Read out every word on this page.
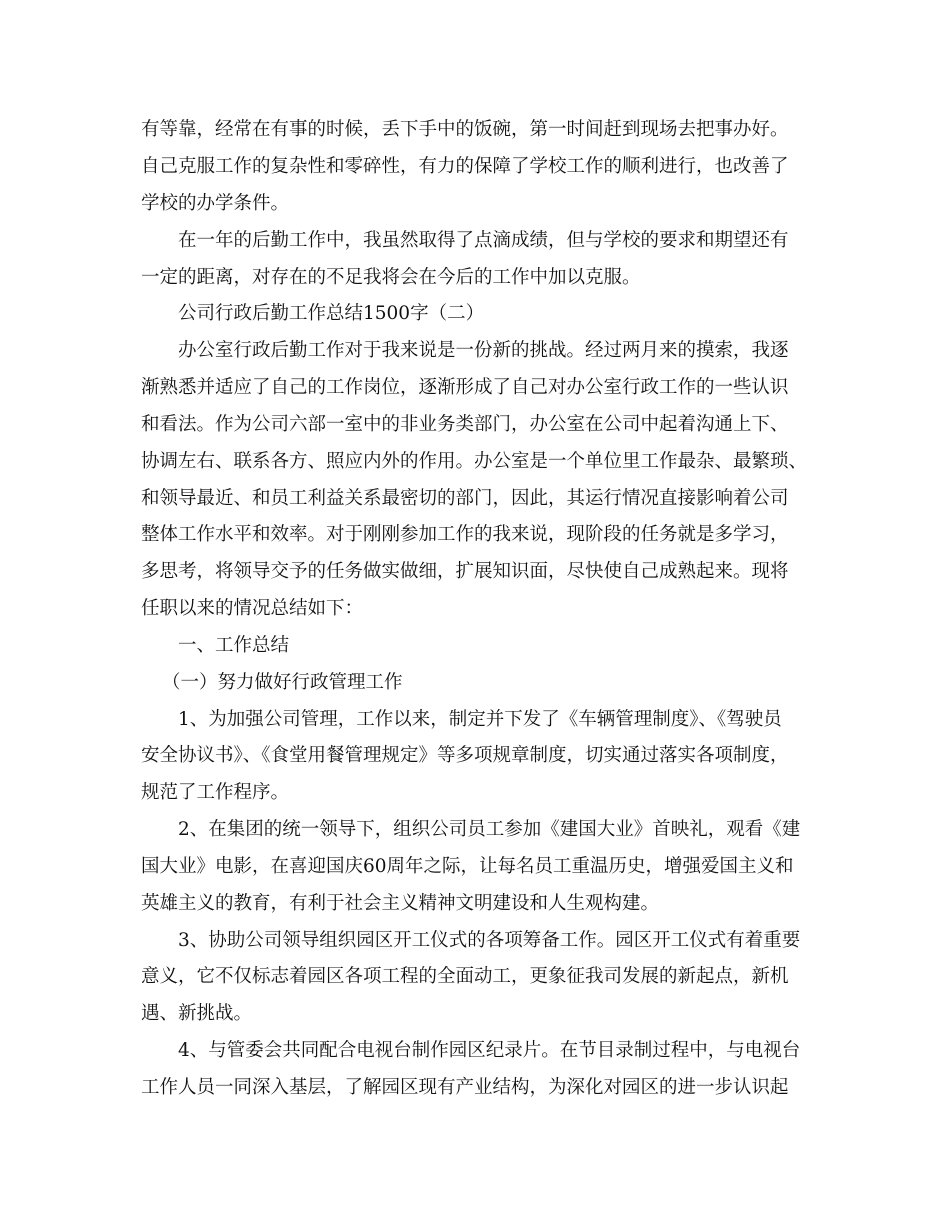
有等靠，经常在有事的时候，丢下手中的饭碗，第一时间赶到现场去把事办好。
自己克服工作的复杂性和零碎性，有力的保障了学校工作的顺利进行，也改善了
学校的办学条件。
在一年的后勤工作中，我虽然取得了点滴成绩，但与学校的要求和期望还有
一定的距离，对存在的不足我将会在今后的工作中加以克服。
公司行政后勤工作总结1500字（二）
办公室行政后勤工作对于我来说是一份新的挑战。经过两月来的摸索，我逐
渐熟悉并适应了自己的工作岗位，逐渐形成了自己对办公室行政工作的一些认识
和看法。作为公司六部一室中的非业务类部门，办公室在公司中起着沟通上下、
协调左右、联系各方、照应内外的作用。办公室是一个单位里工作最杂、最繁琐、
和领导最近、和员工利益关系最密切的部门，因此，其运行情况直接影响着公司
整体工作水平和效率。对于刚刚参加工作的我来说，现阶段的任务就是多学习，
多思考，将领导交予的任务做实做细，扩展知识面，尽快使自己成熟起来。现将
任职以来的情况总结如下：
一、工作总结
（一）努力做好行政管理工作
1、为加强公司管理，工作以来，制定并下发了《车辆管理制度》、《驾驶员
安全协议书》、《食堂用餐管理规定》等多项规章制度，切实通过落实各项制度，
规范了工作程序。
2、在集团的统一领导下，组织公司员工参加《建国大业》首映礼，观看《建
国大业》电影，在喜迎国庆60周年之际，让每名员工重温历史，增强爱国主义和
英雄主义的教育，有利于社会主义精神文明建设和人生观构建。
3、协助公司领导组织园区开工仪式的各项筹备工作。园区开工仪式有着重要
意义，它不仅标志着园区各项工程的全面动工，更象征我司发展的新起点，新机
遇、新挑战。
4、与管委会共同配合电视台制作园区纪录片。在节目录制过程中，与电视台
工作人员一同深入基层，了解园区现有产业结构，为深化对园区的进一步认识起
